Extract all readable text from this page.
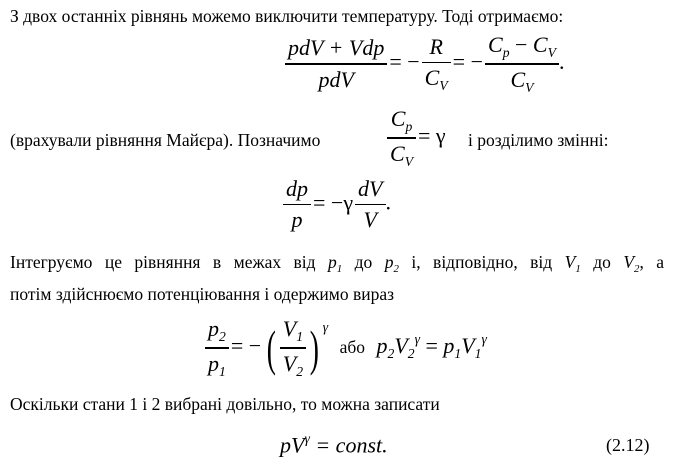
З двох останніх рівнянь можемо виключити температуру. Тоді отримаємо:
$\frac{\text{pdV + Vdp}}{\text{pdV}}$ = − $\frac{R}{C_V}$ = − $\frac{C_p - C_V}{C_V}$ .
(врахували рівняння Майєра). Позначимо	$\frac{C_p}{C_V} = \gamma$ і розділимо змінні:
$\frac{dp}{p} = -\gamma \frac{dV}{V}$ .
Інтегруємо це рівняння в межах від $p_1$ до $p_2$ і, відповідно, від $V_1$ до $V_2$, а
потім здійснюємо потенціювання і одержимо вираз
$\frac{p_2}{p_1}$ = − ( $\frac{V_1}{V_2}$ ) $^\gamma$ або $p_2V_2^\gamma = p_1V_1^\gamma$
Оскільки стани 1 і 2 вибрані довільно, то можна записати
$pV^\gamma$ = const.	(2.12)
